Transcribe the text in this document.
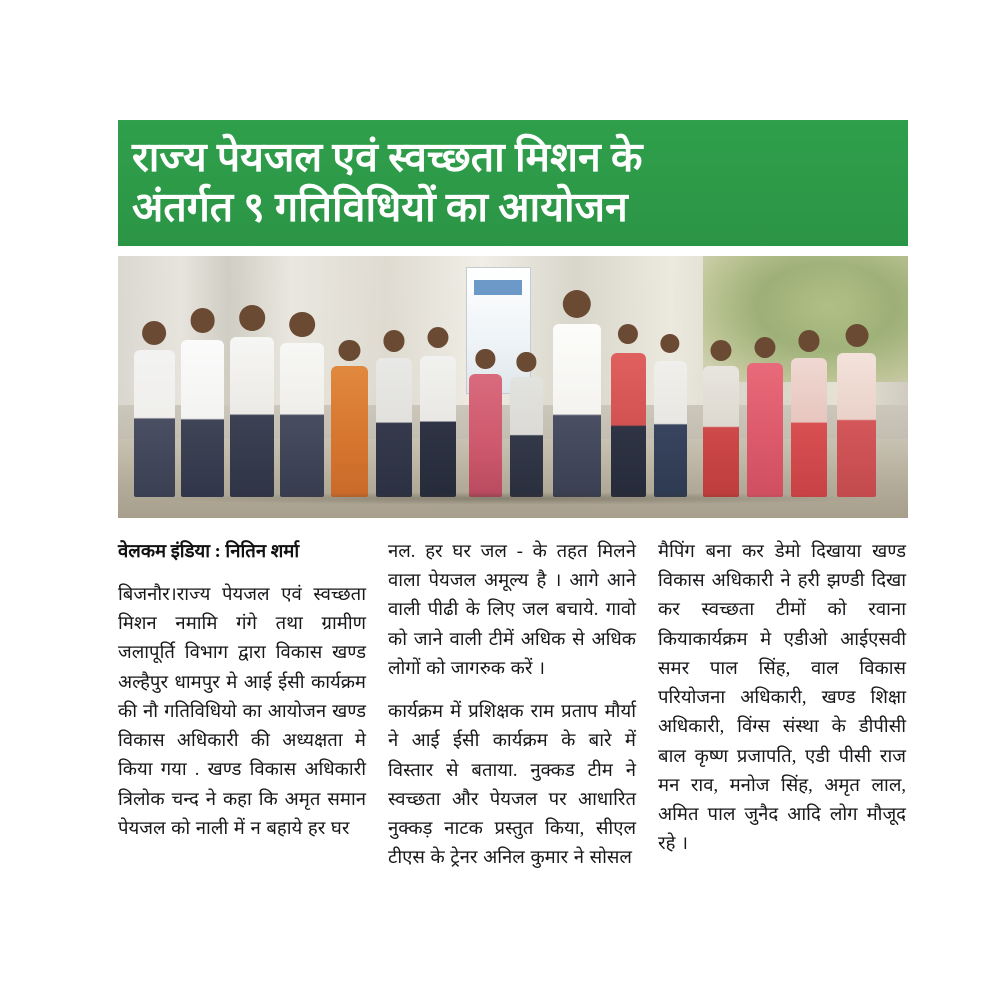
राज्य पेयजल एवं स्वच्छता मिशन के
अंतर्गत ९ गतिविधियों का आयोजन
वेलकम इंडिया : नितिन शर्मा

बिजनौर।राज्य पेयजल एवं स्वच्छता मिशन नमामि गंगे तथा ग्रामीण जलापूर्ति विभाग द्वारा विकास खण्ड अल्हैपुर धामपुर मे आई ईसी कार्यक्रम की नौ गतिविधियो का आयोजन खण्ड विकास अधिकारी की अध्यक्षता मे किया गया . खण्ड विकास अधिकारी त्रिलोक चन्द ने कहा कि अमृत समान पेयजल को नाली में न बहाये हर घर

नल. हर घर जल - के तहत मिलने वाला पेयजल अमूल्य है । आगे आने वाली पीढी के लिए जल बचाये. गावो को जाने वाली टीमें अधिक से अधिक लोगों को जागरुक करें ।

कार्यक्रम में प्रशिक्षक राम प्रताप मौर्या ने आई ईसी कार्यक्रम के बारे में विस्तार से बताया. नुक्कड टीम ने स्वच्छता और पेयजल पर आधारित नुक्कड़ नाटक प्रस्तुत किया, सीएल टीएस के ट्रेनर अनिल कुमार ने सोसल

मैपिंग बना कर डेमो दिखाया खण्ड विकास अधिकारी ने हरी झण्डी दिखा कर स्वच्छता टीमों को रवाना कियाकार्यक्रम मे एडीओ आईएसवी समर पाल सिंह, वाल विकास परियोजना अधिकारी, खण्ड शिक्षा अधिकारी, विंग्स संस्था के डीपीसी बाल कृष्ण प्रजापति, एडी पीसी राज मन राव, मनोज सिंह, अमृत लाल, अमित पाल जुनैद आदि लोग मौजूद रहे ।
